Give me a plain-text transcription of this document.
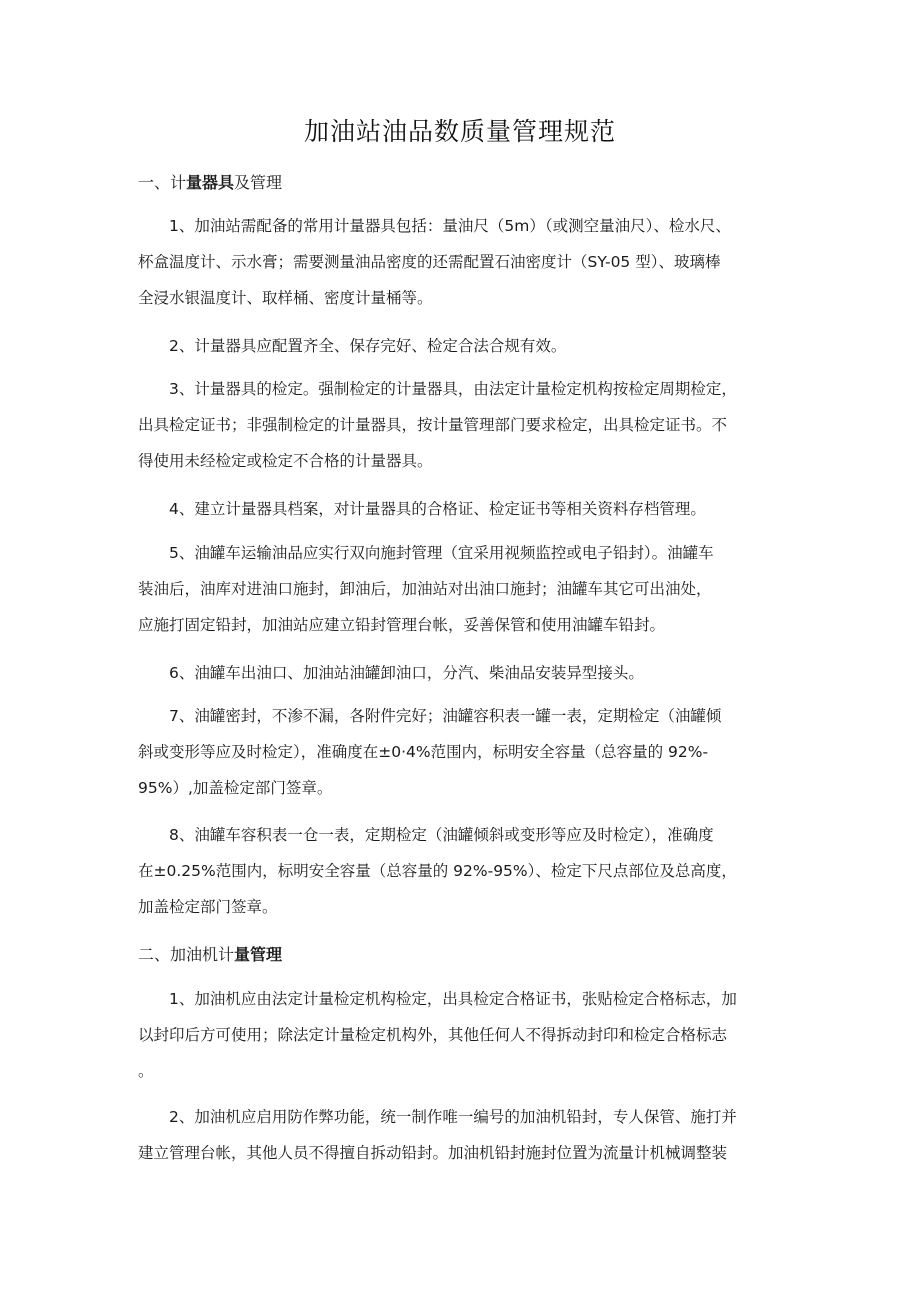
加油站油品数质量管理规范
一、计量器具及管理
1、加油站需配备的常用计量器具包括：量油尺（5m）（或测空量油尺）、检水尺、
杯盒温度计、示水膏；需要测量油品密度的还需配置石油密度计（SY-05 型）、玻璃棒
全浸水银温度计、取样桶、密度计量桶等。
2、计量器具应配置齐全、保存完好、检定合法合规有效。
3、计量器具的检定。强制检定的计量器具，由法定计量检定机构按检定周期检定，
出具检定证书；非强制检定的计量器具，按计量管理部门要求检定，出具检定证书。不
得使用未经检定或检定不合格的计量器具。
4、建立计量器具档案，对计量器具的合格证、检定证书等相关资料存档管理。
5、油罐车运输油品应实行双向施封管理（宜采用视频监控或电子铅封）。油罐车
装油后，油库对进油口施封，卸油后，加油站对出油口施封；油罐车其它可出油处，
应施打固定铅封，加油站应建立铅封管理台帐，妥善保管和使用油罐车铅封。
6、油罐车出油口、加油站油罐卸油口，分汽、柴油品安装异型接头。
7、油罐密封，不渗不漏，各附件完好；油罐容积表一罐一表，定期检定（油罐倾
斜或变形等应及时检定），准确度在±0·4%范围内，标明安全容量（总容量的 92%-
95%）,加盖检定部门签章。
8、油罐车容积表一仓一表，定期检定（油罐倾斜或变形等应及时检定），准确度
在±0.25%范围内，标明安全容量（总容量的 92%-95%）、检定下尺点部位及总高度，
加盖检定部门签章。
二、加油机计量管理
1、加油机应由法定计量检定机构检定，出具检定合格证书，张贴检定合格标志，加
以封印后方可使用；除法定计量检定机构外，其他任何人不得拆动封印和检定合格标志
。
2、加油机应启用防作弊功能，统一制作唯一编号的加油机铅封，专人保管、施打并
建立管理台帐，其他人员不得擅自拆动铅封。加油机铅封施封位置为流量计机械调整装
